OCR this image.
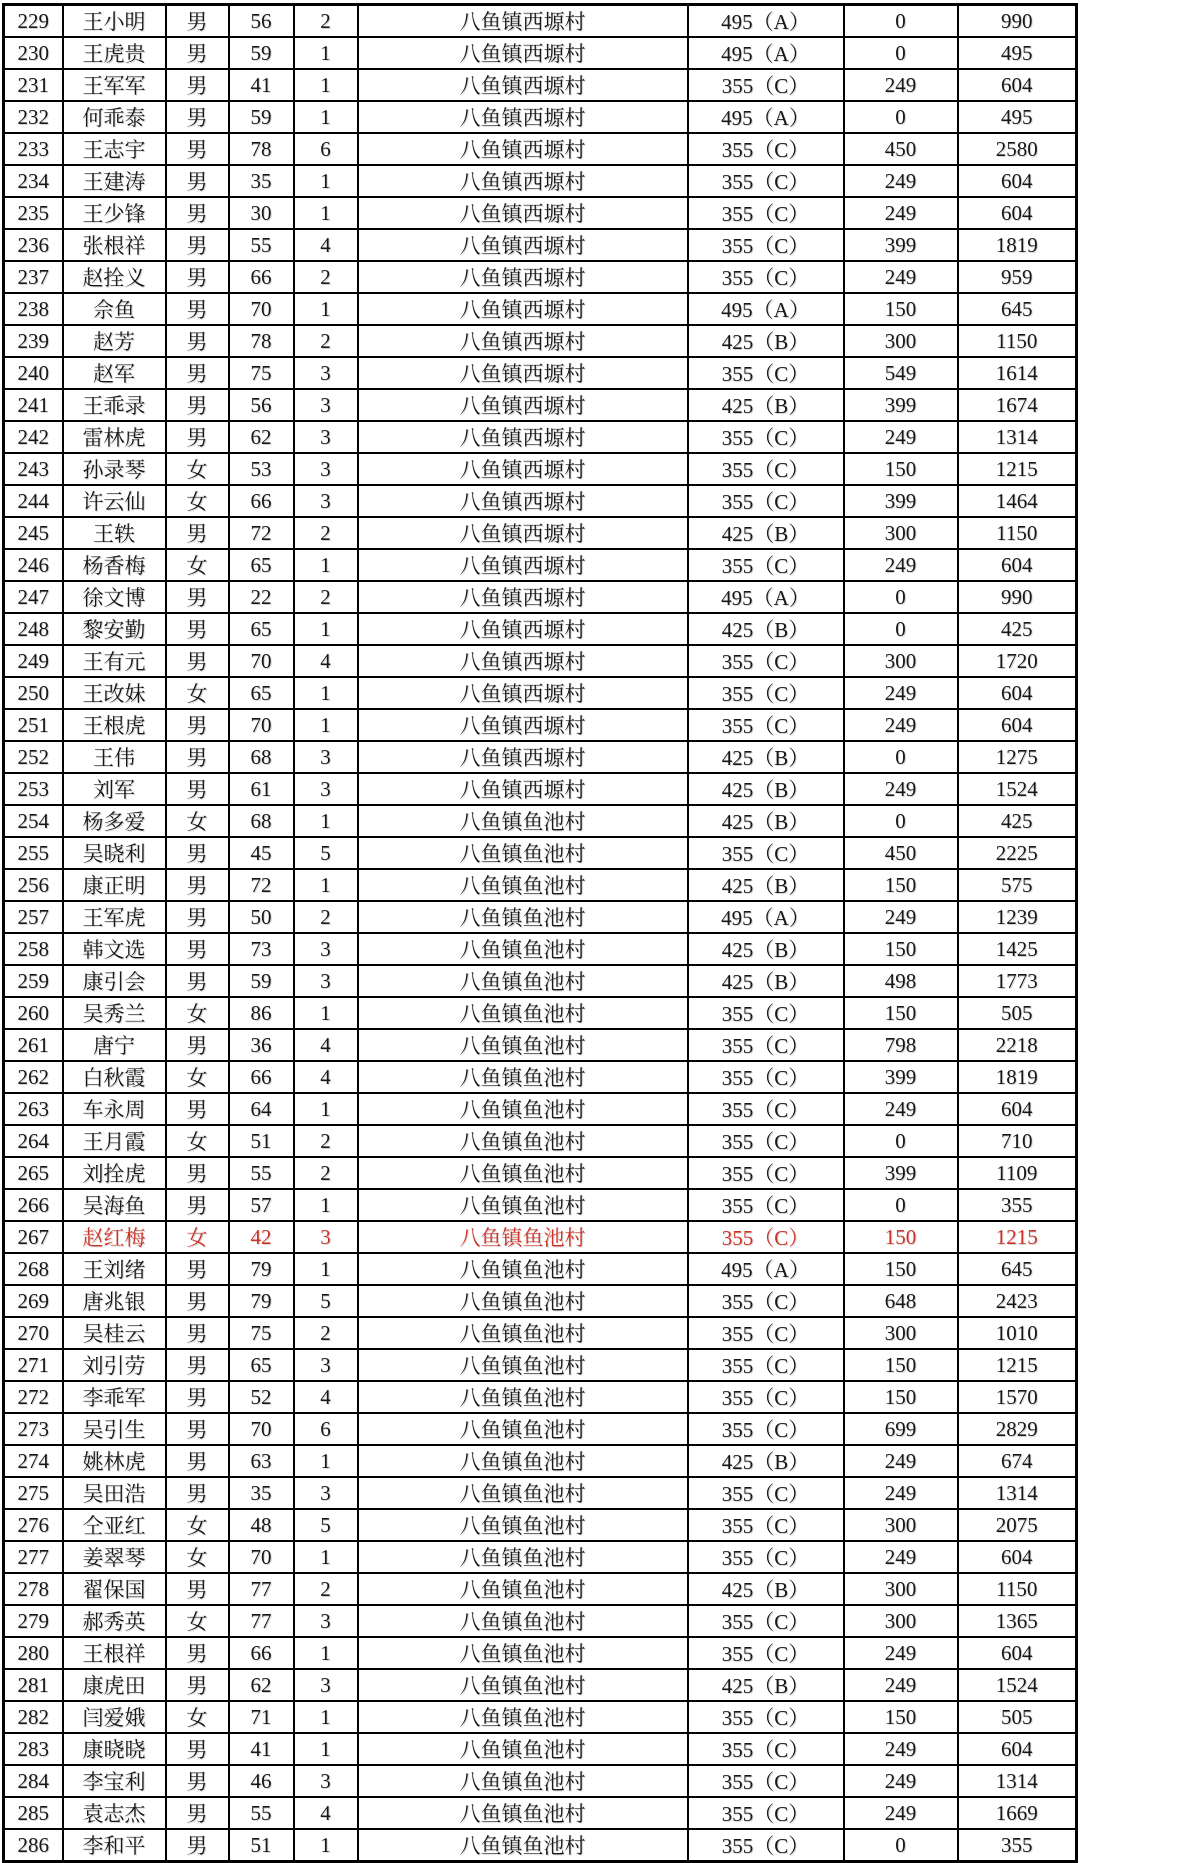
229	王小明	男	56	2	八鱼镇西塬村	495（A）	0	990
230	王虎贵	男	59	1	八鱼镇西塬村	495（A）	0	495
231	王军军	男	41	1	八鱼镇西塬村	355（C）	249	604
232	何乖泰	男	59	1	八鱼镇西塬村	495（A）	0	495
233	王志宇	男	78	6	八鱼镇西塬村	355（C）	450	2580
234	王建涛	男	35	1	八鱼镇西塬村	355（C）	249	604
235	王少锋	男	30	1	八鱼镇西塬村	355（C）	249	604
236	张根祥	男	55	4	八鱼镇西塬村	355（C）	399	1819
237	赵拴义	男	66	2	八鱼镇西塬村	355（C）	249	959
238	佘鱼	男	70	1	八鱼镇西塬村	495（A）	150	645
239	赵芳	男	78	2	八鱼镇西塬村	425（B）	300	1150
240	赵军	男	75	3	八鱼镇西塬村	355（C）	549	1614
241	王乖录	男	56	3	八鱼镇西塬村	425（B）	399	1674
242	雷林虎	男	62	3	八鱼镇西塬村	355（C）	249	1314
243	孙录琴	女	53	3	八鱼镇西塬村	355（C）	150	1215
244	许云仙	女	66	3	八鱼镇西塬村	355（C）	399	1464
245	王轶	男	72	2	八鱼镇西塬村	425（B）	300	1150
246	杨香梅	女	65	1	八鱼镇西塬村	355（C）	249	604
247	徐文博	男	22	2	八鱼镇西塬村	495（A）	0	990
248	黎安勤	男	65	1	八鱼镇西塬村	425（B）	0	425
249	王有元	男	70	4	八鱼镇西塬村	355（C）	300	1720
250	王改妹	女	65	1	八鱼镇西塬村	355（C）	249	604
251	王根虎	男	70	1	八鱼镇西塬村	355（C）	249	604
252	王伟	男	68	3	八鱼镇西塬村	425（B）	0	1275
253	刘军	男	61	3	八鱼镇西塬村	425（B）	249	1524
254	杨多爱	女	68	1	八鱼镇鱼池村	425（B）	0	425
255	吴晓利	男	45	5	八鱼镇鱼池村	355（C）	450	2225
256	康正明	男	72	1	八鱼镇鱼池村	425（B）	150	575
257	王军虎	男	50	2	八鱼镇鱼池村	495（A）	249	1239
258	韩文选	男	73	3	八鱼镇鱼池村	425（B）	150	1425
259	康引会	男	59	3	八鱼镇鱼池村	425（B）	498	1773
260	吴秀兰	女	86	1	八鱼镇鱼池村	355（C）	150	505
261	唐宁	男	36	4	八鱼镇鱼池村	355（C）	798	2218
262	白秋霞	女	66	4	八鱼镇鱼池村	355（C）	399	1819
263	车永周	男	64	1	八鱼镇鱼池村	355（C）	249	604
264	王月霞	女	51	2	八鱼镇鱼池村	355（C）	0	710
265	刘拴虎	男	55	2	八鱼镇鱼池村	355（C）	399	1109
266	吴海鱼	男	57	1	八鱼镇鱼池村	355（C）	0	355
267	赵红梅	女	42	3	八鱼镇鱼池村	355（C）	150	1215
268	王刘绪	男	79	1	八鱼镇鱼池村	495（A）	150	645
269	唐兆银	男	79	5	八鱼镇鱼池村	355（C）	648	2423
270	吴桂云	男	75	2	八鱼镇鱼池村	355（C）	300	1010
271	刘引劳	男	65	3	八鱼镇鱼池村	355（C）	150	1215
272	李乖军	男	52	4	八鱼镇鱼池村	355（C）	150	1570
273	吴引生	男	70	6	八鱼镇鱼池村	355（C）	699	2829
274	姚林虎	男	63	1	八鱼镇鱼池村	425（B）	249	674
275	吴田浩	男	35	3	八鱼镇鱼池村	355（C）	249	1314
276	仝亚红	女	48	5	八鱼镇鱼池村	355（C）	300	2075
277	姜翠琴	女	70	1	八鱼镇鱼池村	355（C）	249	604
278	翟保国	男	77	2	八鱼镇鱼池村	425（B）	300	1150
279	郝秀英	女	77	3	八鱼镇鱼池村	355（C）	300	1365
280	王根祥	男	66	1	八鱼镇鱼池村	355（C）	249	604
281	康虎田	男	62	3	八鱼镇鱼池村	425（B）	249	1524
282	闫爱娥	女	71	1	八鱼镇鱼池村	355（C）	150	505
283	康晓晓	男	41	1	八鱼镇鱼池村	355（C）	249	604
284	李宝利	男	46	3	八鱼镇鱼池村	355（C）	249	1314
285	袁志杰	男	55	4	八鱼镇鱼池村	355（C）	249	1669
286	李和平	男	51	1	八鱼镇鱼池村	355（C）	0	355
